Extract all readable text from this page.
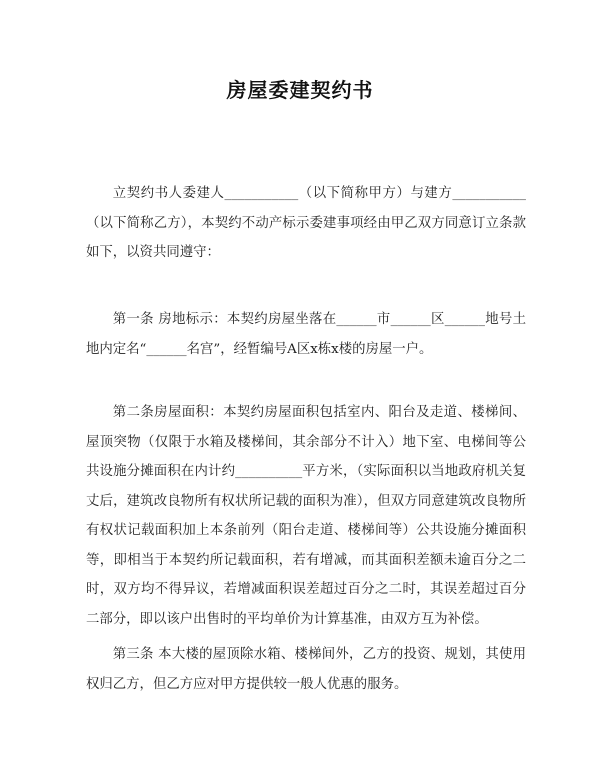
房屋委建契约书
立契约书人委建人___________（以下简称甲方）与建方___________（以下简称乙方），本契约不动产标示委建事项经由甲乙双方同意订立条款如下，以资共同遵守：
第一条 房地标示：本契约房屋坐落在______市______区______地号土地内定名“______名宫”，经暂编号A区x栋x楼的房屋一户。
第二条房屋面积：本契约房屋面积包括室内、阳台及走道、楼梯间、屋顶突物（仅限于水箱及楼梯间，其余部分不计入）地下室、电梯间等公共设施分摊面积在内计约__________平方米，（实际面积以当地政府机关复丈后，建筑改良物所有权状所记载的面积为准），但双方同意建筑改良物所有权状记载面积加上本条前列（阳台走道、楼梯间等）公共设施分摊面积等，即相当于本契约所记载面积，若有增减，而其面积差额未逾百分之二时，双方均不得异议，若增减面积误差超过百分之二时，其误差超过百分二部分，即以该户出售时的平均单价为计算基准，由双方互为补偿。
第三条 本大楼的屋顶除水箱、楼梯间外，乙方的投资、规划，其使用权归乙方，但乙方应对甲方提供较一般人优惠的服务。
